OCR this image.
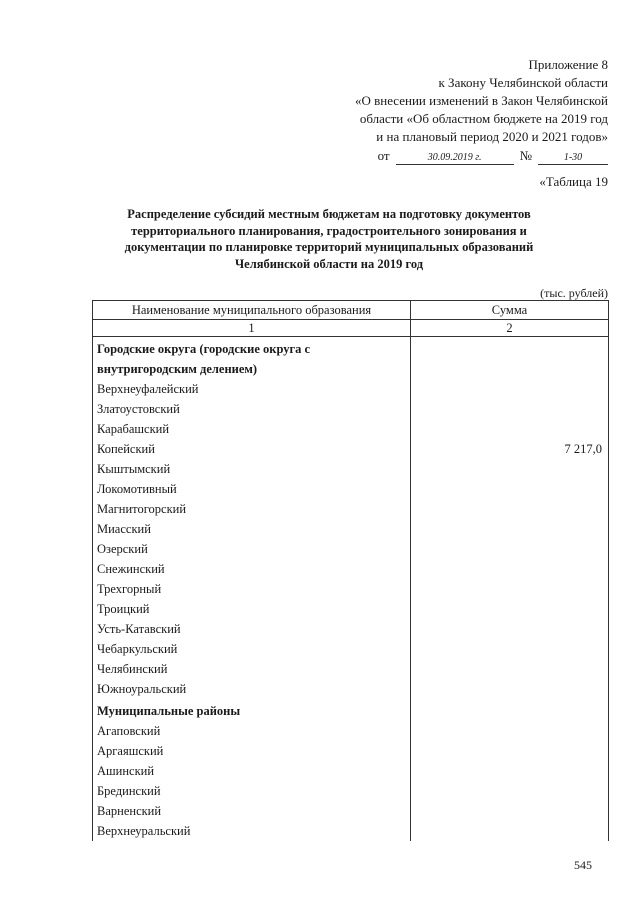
Приложение 8
к Закону Челябинской области
«О внесении изменений в Закон Челябинской
области «Об областном бюджете на 2019 год
и на плановый период 2020 и 2021 годов»
от	30.09.2019 г.	№	1-30
«Таблица 19
Распределение субсидий местным бюджетам на подготовку документов территориального планирования, градостроительного зонирования и документации по планировке территорий муниципальных образований Челябинской области на 2019 год
(тыс. рублей)
Наименование муниципального образования	Сумма
1	2
Городские округа (городские округа с внутригородским делением)	
Верхнеуфалейский	
Златоустовский	
Карабашский	
Копейский	7 217,0
Кыштымский	
Локомотивный	
Магнитогорский	
Миасский	
Озерский	
Снежинский	
Трехгорный	
Троицкий	
Усть-Катавский	
Чебаркульский	
Челябинский	
Южноуральский	
Муниципальные районы	
Агаповский	
Аргаяшский	
Ашинский	
Брединский	
Варненский	
Верхнеуральский	
545
